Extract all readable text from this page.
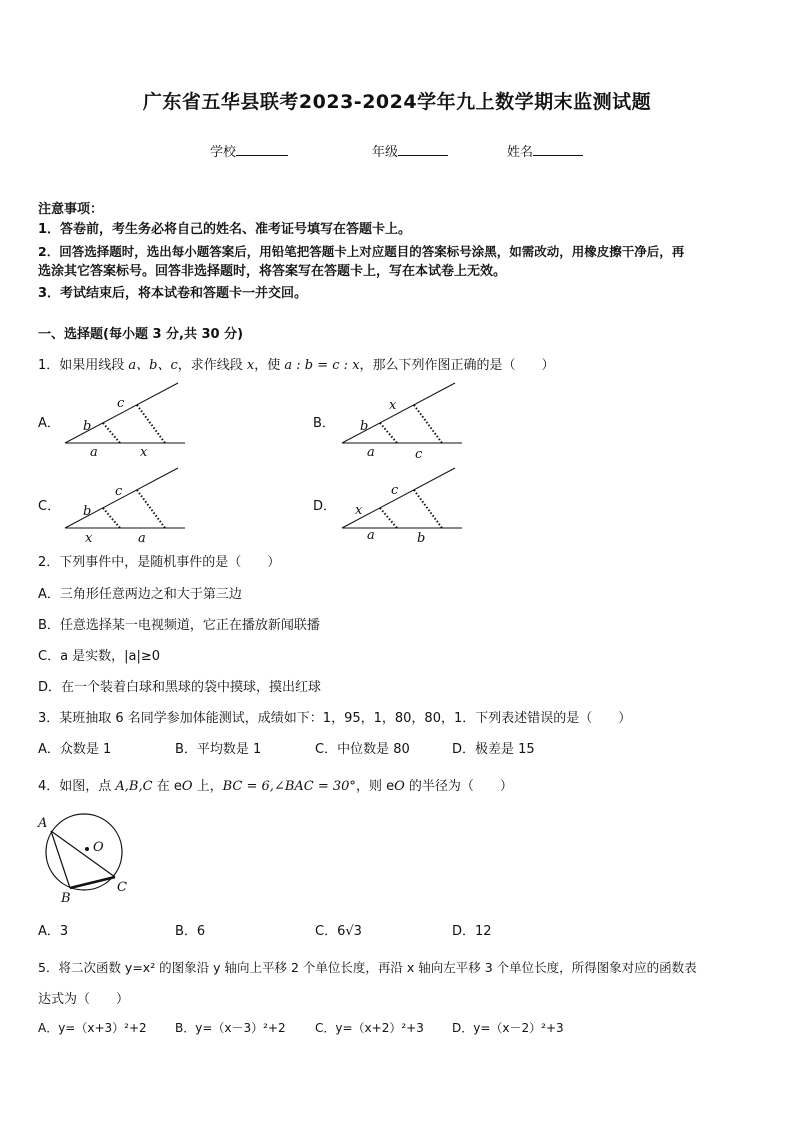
广东省五华县联考2023-2024学年九上数学期末监测试题
学校	年级	姓名
注意事项：
1．答卷前，考生务必将自己的姓名、准考证号填写在答题卡上。
2．回答选择题时，选出每小题答案后，用铅笔把答题卡上对应题目的答案标号涂黑，如需改动，用橡皮擦干净后，再
选涂其它答案标号。回答非选择题时，将答案写在答题卡上，写在本试卷上无效。
3．考试结束后，将本试卷和答题卡一并交回。
一、选择题(每小题 3 分,共 30 分)
1．如果用线段 a、b、c，求作线段 x，使 a : b = c : x，那么下列作图正确的是（　　）
A． b
c
a	x
B． b
x
a	c
C． b
c
x	a
D． x
c
a	b
2．下列事件中，是随机事件的是（　　）
A．三角形任意两边之和大于第三边
B．任意选择某一电视频道，它正在播放新闻联播
C．a 是实数，|a|≥0
D．在一个装着白球和黑球的袋中摸球，摸出红球
3．某班抽取 6 名同学参加体能测试，成绩如下：1，95，1，80，80，1．下列表述错误的是（　　）
A．众数是 1	B．平均数是 1	C．中位数是 80	D．极差是 15
4．如图，点 A,B,C 在 eO 上，BC = 6,∠BAC = 30°，则 eO 的半径为（　　）
A
B
C
O
A．3	B．6	C．6√3	D．12
5．将二次函数 y=x² 的图象沿 y 轴向上平移 2 个单位长度，再沿 x 轴向左平移 3 个单位长度，所得图象对应的函数表
达式为（　　）
A．y=（x+3）²+2 B．y=（x－3）²+2 C．y=（x+2）²+3 D．y=（x－2）²+3
